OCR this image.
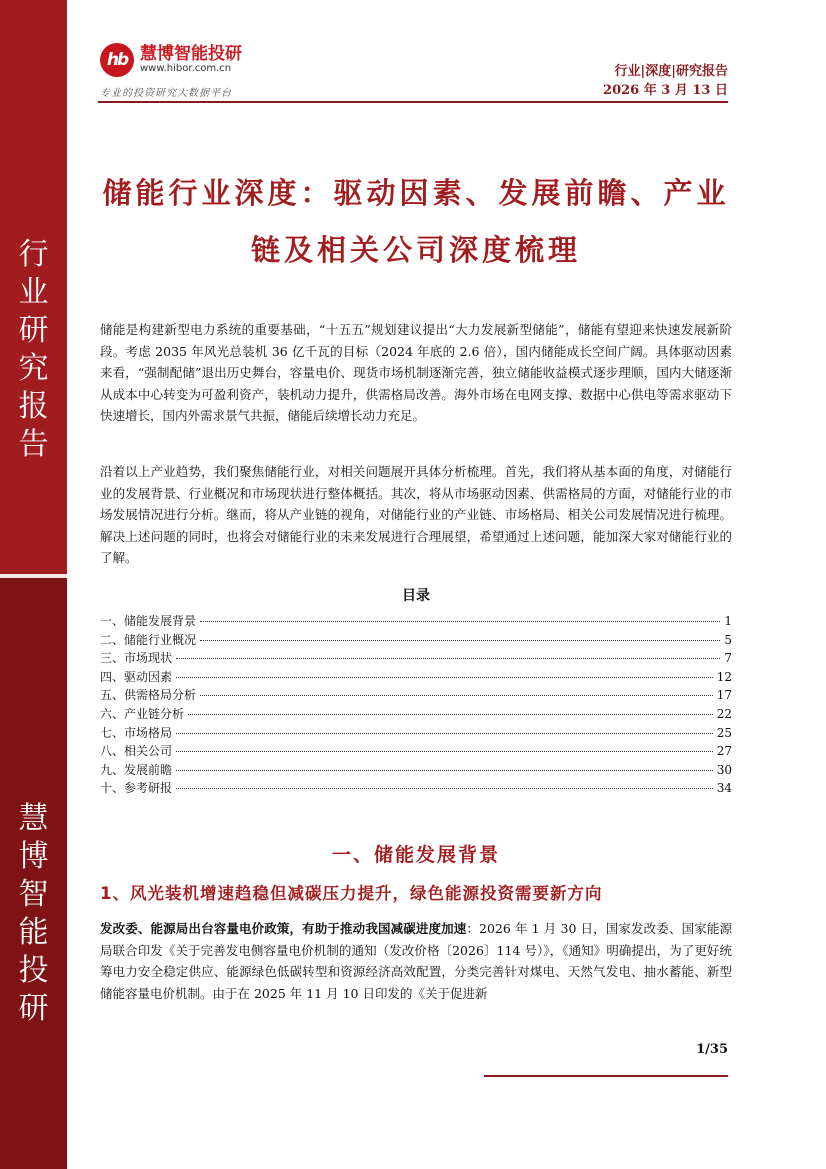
行业研究报告
慧博智能投研
hb 慧博智能投研
www.hibor.com.cn
专业的投资研究大数据平台
行业|深度|研究报告
2026 年 3 月 13 日
储能行业深度：驱动因素、发展前瞻、产业
链及相关公司深度梳理
储能是构建新型电力系统的重要基础，“十五五”规划建议提出“大力发展新型储能”，储能有望迎来快速发展新阶段。考虑 2035 年风光总装机 36 亿千瓦的目标（2024 年底的 2.6 倍），国内储能成长空间广阔。具体驱动因素来看，“强制配储”退出历史舞台，容量电价、现货市场机制逐渐完善，独立储能收益模式逐步理顺，国内大储逐渐从成本中心转变为可盈利资产，装机动力提升，供需格局改善。海外市场在电网支撑、数据中心供电等需求驱动下快速增长，国内外需求景气共振，储能后续增长动力充足。
沿着以上产业趋势，我们聚焦储能行业，对相关问题展开具体分析梳理。首先，我们将从基本面的角度，对储能行业的发展背景、行业概况和市场现状进行整体概括。其次，将从市场驱动因素、供需格局的方面，对储能行业的市场发展情况进行分析。继而，将从产业链的视角，对储能行业的产业链、市场格局、相关公司发展情况进行梳理。解决上述问题的同时，也将会对储能行业的未来发展进行合理展望，希望通过上述问题，能加深大家对储能行业的了解。
目录
一、储能发展背景	1
二、储能行业概况	5
三、市场现状	7
四、驱动因素	12
五、供需格局分析	17
六、产业链分析	22
七、市场格局	25
八、相关公司	27
九、发展前瞻	30
十、参考研报	34
一、储能发展背景
1、风光装机增速趋稳但减碳压力提升，绿色能源投资需要新方向
发改委、能源局出台容量电价政策，有助于推动我国减碳进度加速：2026 年 1 月 30 日，国家发改委、国家能源局联合印发《关于完善发电侧容量电价机制的通知（发改价格〔2026〕114 号）》，《通知》明确提出，为了更好统筹电力安全稳定供应、能源绿色低碳转型和资源经济高效配置，分类完善针对煤电、天然气发电、抽水蓄能、新型储能容量电价机制。由于在 2025 年 11 月 10 日印发的《关于促进新
1/35
